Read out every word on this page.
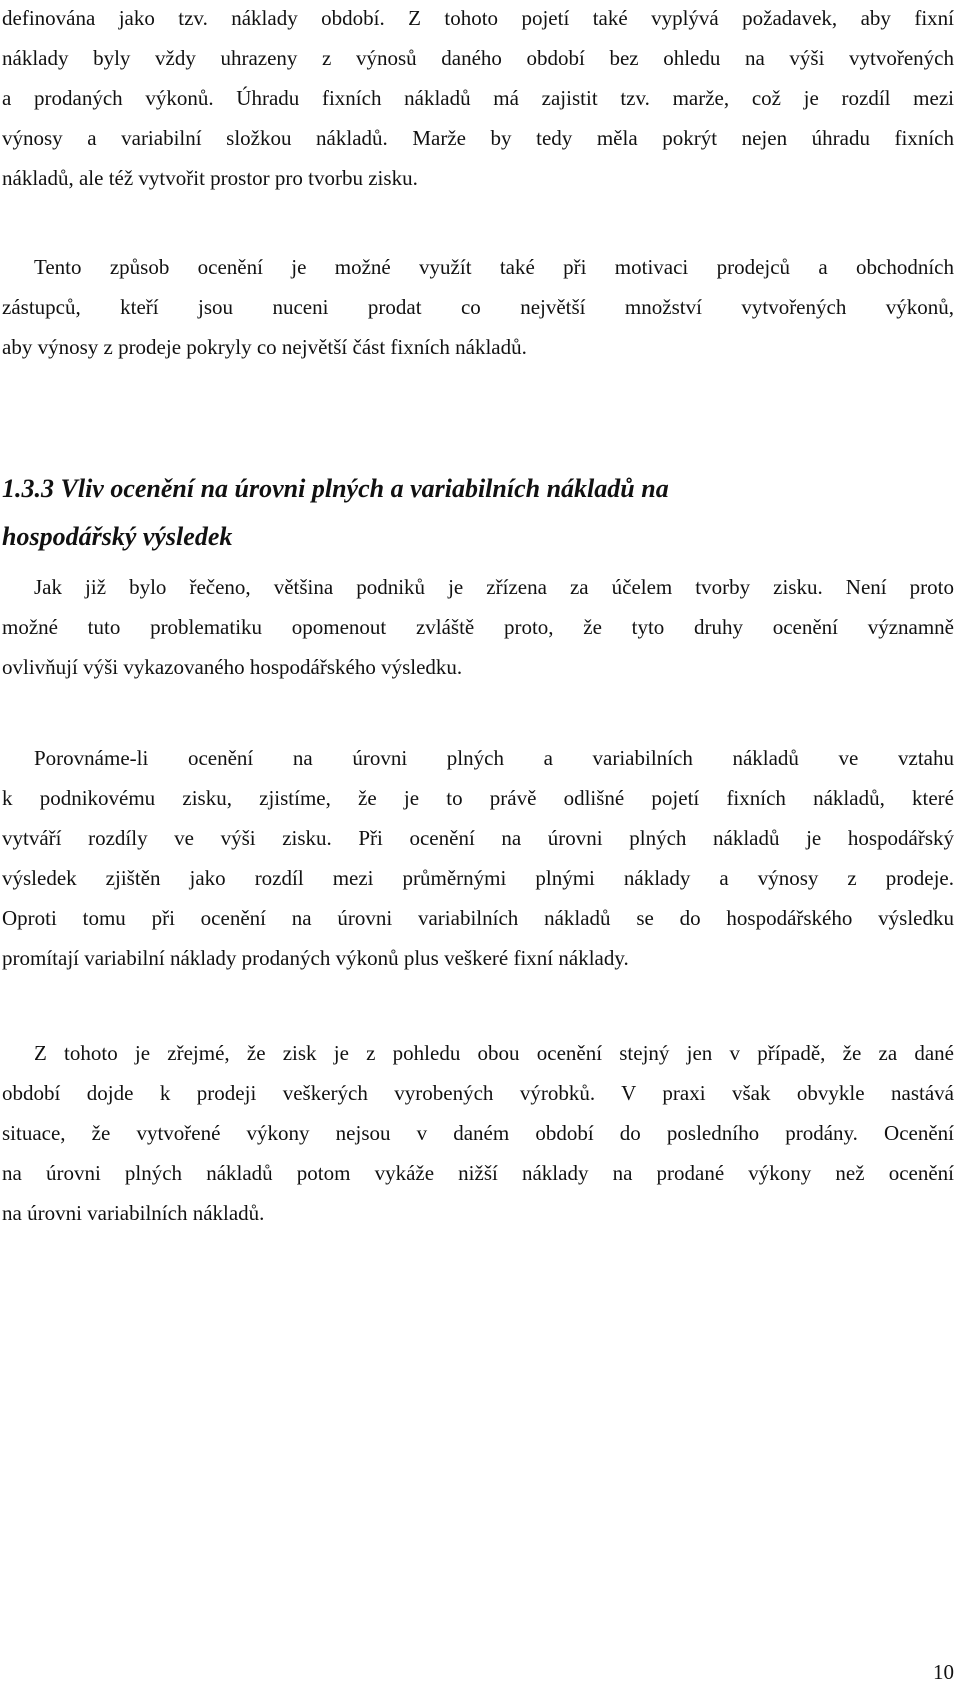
definována jako tzv. náklady období. Z tohoto pojetí také vyplývá požadavek, aby fixní
náklady byly vždy uhrazeny z výnosů daného období bez ohledu na výši vytvořených
a prodaných výkonů. Úhradu fixních nákladů má zajistit tzv. marže, což je rozdíl mezi
výnosy a variabilní složkou nákladů. Marže by tedy měla pokrýt nejen úhradu fixních
nákladů, ale též vytvořit prostor pro tvorbu zisku.
Tento způsob ocenění je možné využít také při motivaci prodejců a obchodních
zástupců, kteří jsou nuceni prodat co největší množství vytvořených výkonů,
aby výnosy z prodeje pokryly co největší část fixních nákladů.
1.3.3 Vliv ocenění na úrovni plných a variabilních nákladů na
hospodářský výsledek
Jak již bylo řečeno, většina podniků je zřízena za účelem tvorby zisku. Není proto
možné tuto problematiku opomenout zvláště proto, že tyto druhy ocenění významně
ovlivňují výši vykazovaného hospodářského výsledku.
Porovnáme-li ocenění na úrovni plných a variabilních nákladů ve vztahu
k podnikovému zisku, zjistíme, že je to právě odlišné pojetí fixních nákladů, které
vytváří rozdíly ve výši zisku. Při ocenění na úrovni plných nákladů je hospodářský
výsledek zjištěn jako rozdíl mezi průměrnými plnými náklady a výnosy z prodeje.
Oproti tomu při ocenění na úrovni variabilních nákladů se do hospodářského výsledku
promítají variabilní náklady prodaných výkonů plus veškeré fixní náklady.
Z tohoto je zřejmé, že zisk je z pohledu obou ocenění stejný jen v případě, že za dané
období dojde k prodeji veškerých vyrobených výrobků. V praxi však obvykle nastává
situace, že vytvořené výkony nejsou v daném období do posledního prodány. Ocenění
na úrovni plných nákladů potom vykáže nižší náklady na prodané výkony než ocenění
na úrovni variabilních nákladů.
10
